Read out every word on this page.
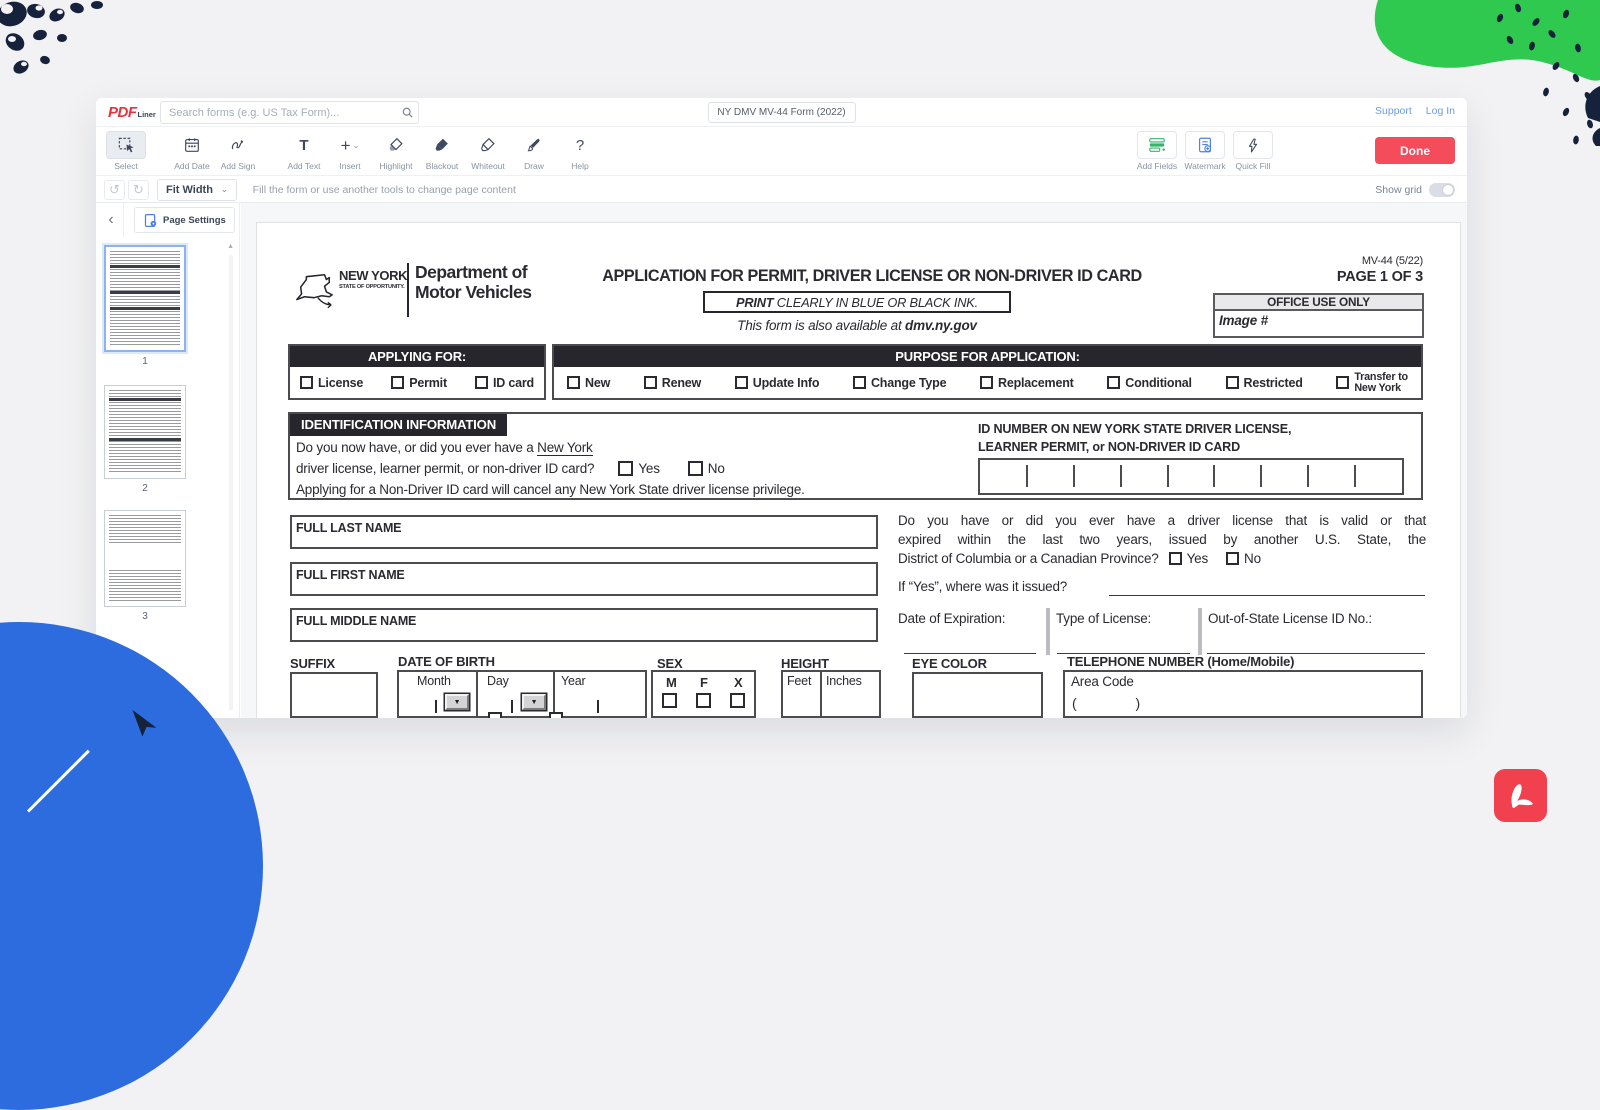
PDF Liner
Search forms (e.g. US Tax Form)...	NY DMV MV-44 Form (2022)	Support Log In
Select	Add Date Add Sign
T
Add Text
+ ⌄
Insert Highlight Blackout Whiteout Draw
?
Help	Add Fields Watermark Quick Fill
Done
↺ ↻ Fit Width ⌄ Fill the form or use another tools to change page content	Show grid
‹	Page Settings
▲
1
2
3
NEW YORK
STATE OF OPPORTUNITY.
Department of
Motor Vehicles
APPLICATION FOR PERMIT, DRIVER LICENSE OR NON-DRIVER ID CARD
PRINT CLEARLY IN BLUE OR BLACK INK.
This form is also available at dmv.ny.gov
MV-44 (5/22)
PAGE 1 OF 3
OFFICE USE ONLY
Image #
APPLYING FOR:
License	Permit	ID card
PURPOSE FOR APPLICATION:
New	Renew	Update Info	Change Type	Replacement	Conditional	Restricted	Transfer to
New York
IDENTIFICATION INFORMATION
Do you now have, or did you ever have a New York
driver license, learner permit, or non-driver ID card?	Yes	No
Applying for a Non-Driver ID card will cancel any New York State driver license privilege.
ID NUMBER ON NEW YORK STATE DRIVER LICENSE,
LEARNER PERMIT, or NON-DRIVER ID CARD
FULL LAST NAME
FULL FIRST NAME
FULL MIDDLE NAME
Do you have or did you ever have a driver license that is valid or that
expired within the last two years, issued by another U.S. State, the
District of Columbia or a Canadian Province? Yes	No
If “Yes”, where was it issued?
Date of Expiration:	Type of License:	Out-of-State License ID No.:
SUFFIX	DATE OF BIRTH
Month	Day	Year
▼	▼
SEX
M F X
HEIGHT
Feet Inches
EYE COLOR	TELEPHONE NUMBER (Home/Mobile)
Area Code
(                )
